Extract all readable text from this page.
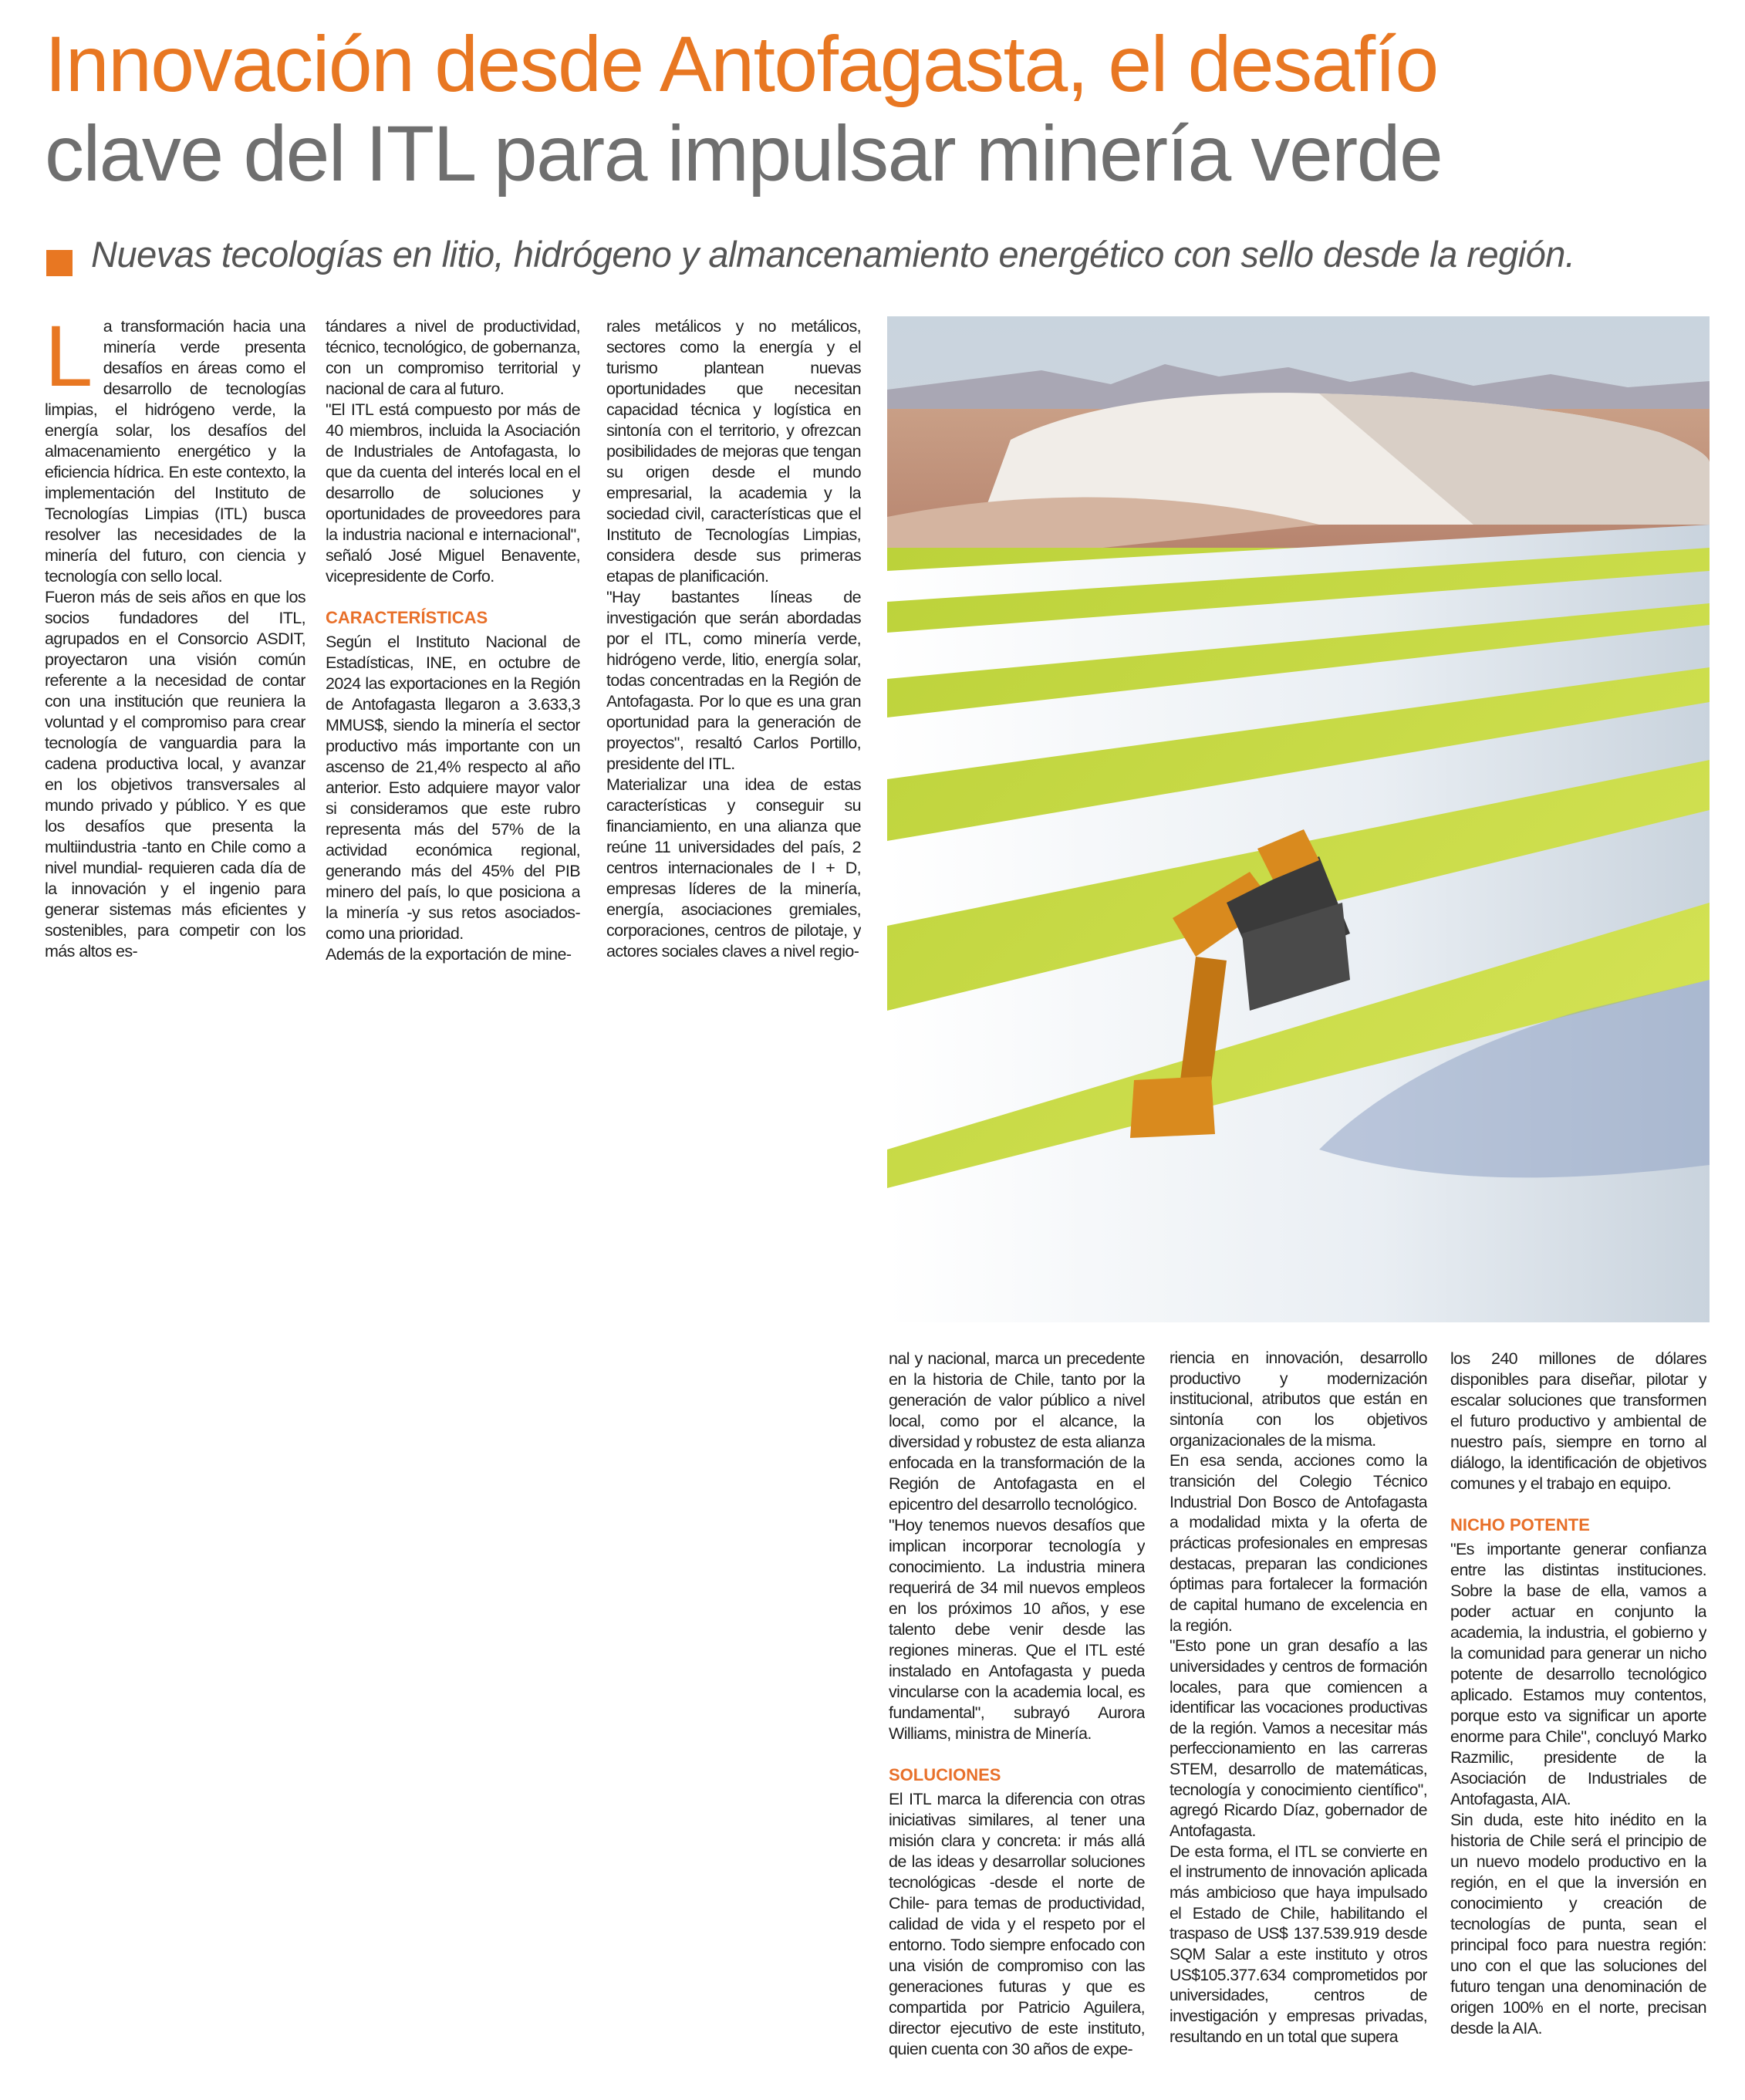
Innovación desde Antofagasta, el desafío
clave del ITL para impulsar minería verde

Nuevas tecologías en litio, hidrógeno y almancenamiento energético con sello desde la región.

L a transformación hacia una minería verde presenta desafíos en áreas como el desarrollo de tecnologías limpias, el hidrógeno verde, la energía solar, los desafíos del almacenamiento energético y la eficiencia hídrica. En este contexto, la implementación del Instituto de Tecnologías Limpias (ITL) busca resolver las necesidades de la minería del futuro, con ciencia y tecnología con sello local.

Fueron más de seis años en que los socios fundadores del ITL, agrupados en el Consorcio ASDIT, proyectaron una visión común referente a la necesidad de contar con una institución que reuniera la voluntad y el compromiso para crear tecnología de vanguardia para la cadena productiva local, y avanzar en los objetivos transversales al mundo privado y público. Y es que los desafíos que presenta la multiindustria -tanto en Chile como a nivel mundial- requieren cada día de la innovación y el ingenio para generar sistemas más eficientes y sostenibles, para competir con los más altos es-

tándares a nivel de productividad, técnico, tecnológico, de gobernanza, con un compromiso territorial y nacional de cara al futuro.

"El ITL está compuesto por más de 40 miembros, incluida la Asociación de Industriales de Antofagasta, lo que da cuenta del interés local en el desarrollo de soluciones y oportunidades de proveedores para la industria nacional e internacional", señaló José Miguel Benavente, vicepresidente de Corfo.

CARACTERÍSTICAS

Según el Instituto Nacional de Estadísticas, INE, en octubre de 2024 las exportaciones en la Región de Antofagasta llegaron a 3.633,3 MMUS$, siendo la minería el sector productivo más importante con un ascenso de 21,4% respecto al año anterior. Esto adquiere mayor valor si consideramos que este rubro representa más del 57% de la actividad económica regional, generando más del 45% del PIB minero del país, lo que posiciona a la minería -y sus retos asociados- como una prioridad.

Además de la exportación de mine-

rales metálicos y no metálicos, sectores como la energía y el turismo plantean nuevas oportunidades que necesitan capacidad técnica y logística en sintonía con el territorio, y ofrezcan posibilidades de mejoras que tengan su origen desde el mundo empresarial, la academia y la sociedad civil, características que el Instituto de Tecnologías Limpias, considera desde sus primeras etapas de planificación.

"Hay bastantes líneas de investigación que serán abordadas por el ITL, como minería verde, hidrógeno verde, litio, energía solar, todas concentradas en la Región de Antofagasta. Por lo que es una gran oportunidad para la generación de proyectos", resaltó Carlos Portillo, presidente del ITL.

Materializar una idea de estas características y conseguir su financiamiento, en una alianza que reúne 11 universidades del país, 2 centros internacionales de I + D, empresas líderes de la minería, energía, asociaciones gremiales, corporaciones, centros de pilotaje, y actores sociales claves a nivel regio-

nal y nacional, marca un precedente en la historia de Chile, tanto por la generación de valor público a nivel local, como por el alcance, la diversidad y robustez de esta alianza enfocada en la transformación de la Región de Antofagasta en el epicentro del desarrollo tecnológico.

"Hoy tenemos nuevos desafíos que implican incorporar tecnología y conocimiento. La industria minera requerirá de 34 mil nuevos empleos en los próximos 10 años, y ese talento debe venir desde las regiones mineras. Que el ITL esté instalado en Antofagasta y pueda vincularse con la academia local, es fundamental", subrayó Aurora Williams, ministra de Minería.

SOLUCIONES

El ITL marca la diferencia con otras iniciativas similares, al tener una misión clara y concreta: ir más allá de las ideas y desarrollar soluciones tecnológicas -desde el norte de Chile- para temas de productividad, calidad de vida y el respeto por el entorno. Todo siempre enfocado con una visión de compromiso con las generaciones futuras y que es compartida por Patricio Aguilera, director ejecutivo de este instituto, quien cuenta con 30 años de expe-

riencia en innovación, desarrollo productivo y modernización institucional, atributos que están en sintonía con los objetivos organizacionales de la misma.

En esa senda, acciones como la transición del Colegio Técnico Industrial Don Bosco de Antofagasta a modalidad mixta y la oferta de prácticas profesionales en empresas destacas, preparan las condiciones óptimas para fortalecer la formación de capital humano de excelencia en la región.

"Esto pone un gran desafío a las universidades y centros de formación locales, para que comiencen a identificar las vocaciones productivas de la región. Vamos a necesitar más perfeccionamiento en las carreras STEM, desarrollo de matemáticas, tecnología y conocimiento científico", agregó Ricardo Díaz, gobernador de Antofagasta.

De esta forma, el ITL se convierte en el instrumento de innovación aplicada más ambicioso que haya impulsado el Estado de Chile, habilitando el traspaso de US$ 137.539.919 desde SQM Salar a este instituto y otros US$105.377.634 comprometidos por universidades, centros de investigación y empresas privadas, resultando en un total que supera

los 240 millones de dólares disponibles para diseñar, pilotar y escalar soluciones que transformen el futuro productivo y ambiental de nuestro país, siempre en torno al diálogo, la identificación de objetivos comunes y el trabajo en equipo.

NICHO POTENTE

"Es importante generar confianza entre las distintas instituciones. Sobre la base de ella, vamos a poder actuar en conjunto la academia, la industria, el gobierno y la comunidad para generar un nicho potente de desarrollo tecnológico aplicado. Estamos muy contentos, porque esto va significar un aporte enorme para Chile", concluyó Marko Razmilic, presidente de la Asociación de Industriales de Antofagasta, AIA.

Sin duda, este hito inédito en la historia de Chile será el principio de un nuevo modelo productivo en la región, en el que la inversión en conocimiento y creación de tecnologías de punta, sean el principal foco para nuestra región: uno con el que las soluciones del futuro tengan una denominación de origen 100% en el norte, precisan desde la AIA.
